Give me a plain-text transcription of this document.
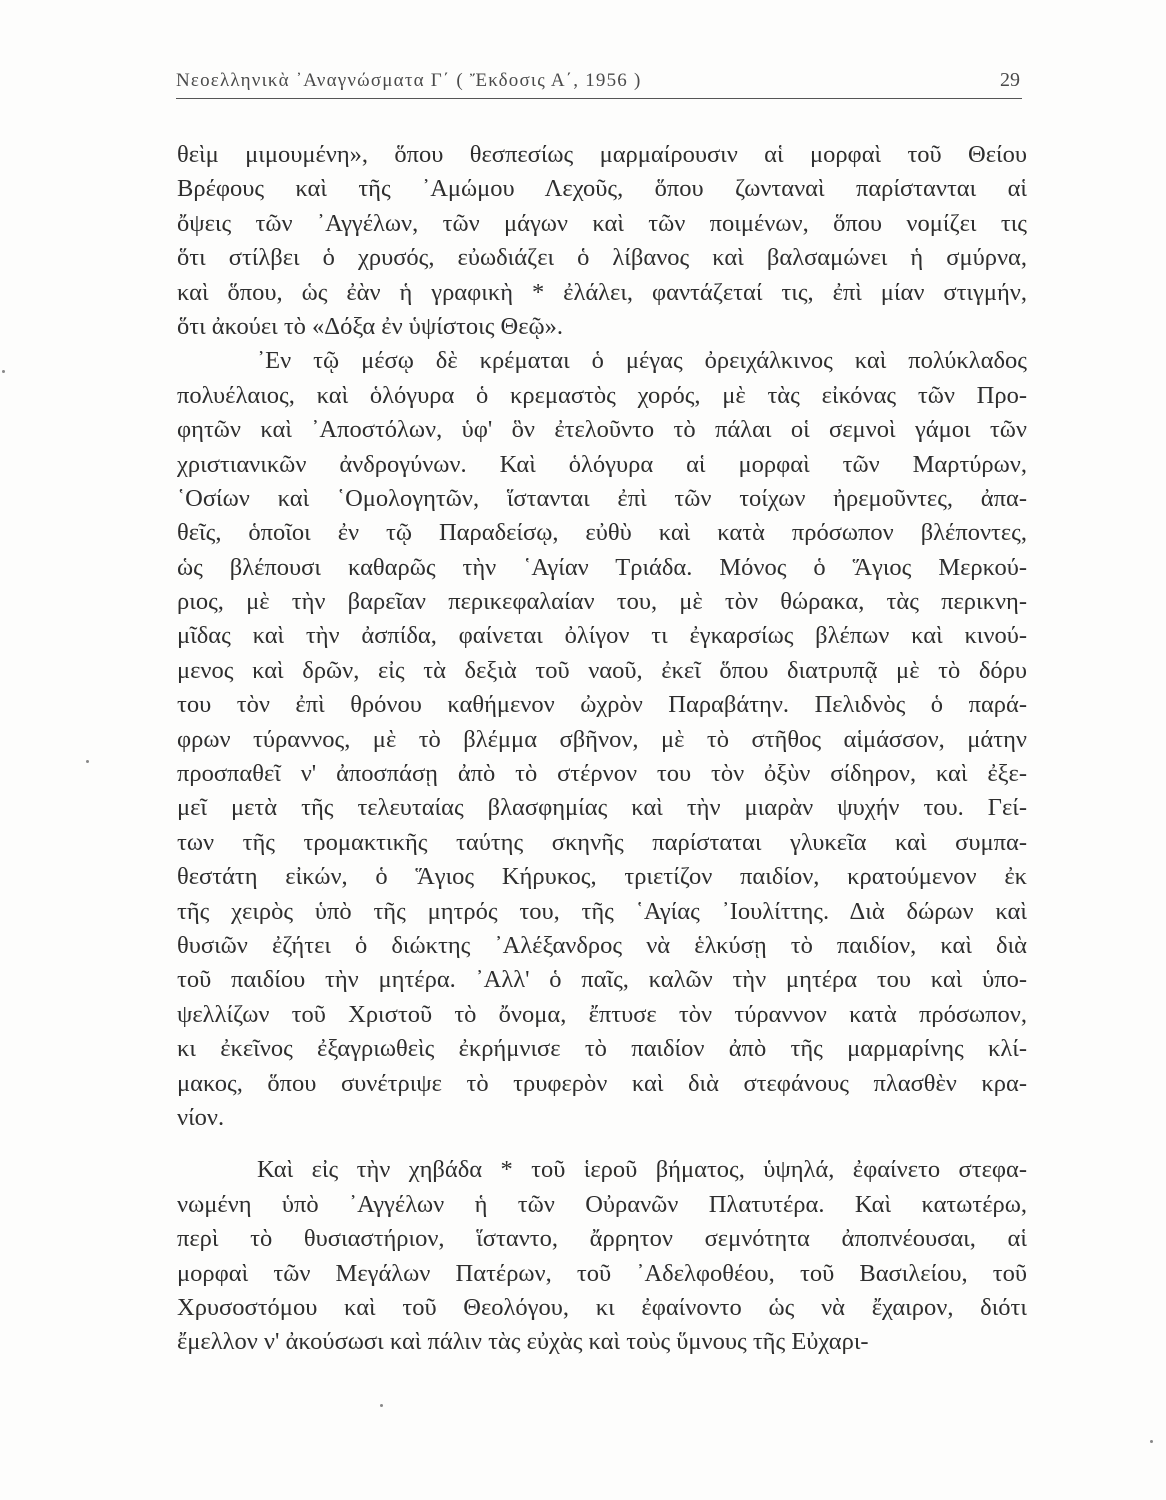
Νεοελληνικὰ ᾿Αναγνώσματα Γ΄ ( Ἔκδοσις Α΄, 1956 )	29
θεὶμ μιμουμένη», ὅπου θεσπεσίως μαρμαίρουσιν αἱ μορφαὶ τοῦ Θείου
Βρέφους καὶ τῆς ᾿Αμώμου Λεχοῦς, ὅπου ζωνταναὶ παρίστανται αἱ
ὄψεις τῶν ᾿Αγγέλων, τῶν μάγων καὶ τῶν ποιμένων, ὅπου νομίζει τις
ὅτι στίλβει ὁ χρυσός, εὐωδιάζει ὁ λίβανος καὶ βαλσαμώνει ἡ σμύρνα,
καὶ ὅπου, ὡς ἐὰν ἡ γραφικὴ * ἐλάλει, φαντάζεταί τις, ἐπὶ μίαν στιγμήν,
ὅτι ἀκούει τὸ «Δόξα ἐν ὑψίστοις Θεῷ».
᾿Εν τῷ μέσῳ δὲ κρέμαται ὁ μέγας ὀρειχάλκινος καὶ πολύκλαδος
πολυέλαιος, καὶ ὁλόγυρα ὁ κρεμαστὸς χορός, μὲ τὰς εἰκόνας τῶν Προ-
φητῶν καὶ ᾿Αποστόλων, ὑφ' ὃν ἐτελοῦντο τὸ πάλαι οἱ σεμνοὶ γάμοι τῶν
χριστιανικῶν ἀνδρογύνων. Καὶ ὁλόγυρα αἱ μορφαὶ τῶν Μαρτύρων,
῾Οσίων καὶ ῾Ομολογητῶν, ἵστανται ἐπὶ τῶν τοίχων ἠρεμοῦντες, ἀπα-
θεῖς, ὁποῖοι ἐν τῷ Παραδείσῳ, εὐθὺ καὶ κατὰ πρόσωπον βλέποντες,
ὡς βλέπουσι καθαρῶς τὴν ῾Αγίαν Τριάδα. Μόνος ὁ Ἅγιος Μερκού-
ριος, μὲ τὴν βαρεῖαν περικεφαλαίαν του, μὲ τὸν θώρακα, τὰς περικνη-
μῖδας καὶ τὴν ἀσπίδα, φαίνεται ὀλίγον τι ἐγκαρσίως βλέπων καὶ κινού-
μενος καὶ δρῶν, εἰς τὰ δεξιὰ τοῦ ναοῦ, ἐκεῖ ὅπου διατρυπᾷ μὲ τὸ δόρυ
του τὸν ἐπὶ θρόνου καθήμενον ὠχρὸν Παραβάτην. Πελιδνὸς ὁ παρά-
φρων τύραννος, μὲ τὸ βλέμμα σβῆνον, μὲ τὸ στῆθος αἱμάσσον, μάτην
προσπαθεῖ ν' ἀποσπάσῃ ἀπὸ τὸ στέρνον του τὸν ὀξὺν σίδηρον, καὶ ἐξε-
μεῖ μετὰ τῆς τελευταίας βλασφημίας καὶ τὴν μιαρὰν ψυχήν του. Γεί-
των τῆς τρομακτικῆς ταύτης σκηνῆς παρίσταται γλυκεῖα καὶ συμπα-
θεστάτη εἰκών, ὁ Ἅγιος Κήρυκος, τριετίζον παιδίον, κρατούμενον ἐκ
τῆς χειρὸς ὑπὸ τῆς μητρός του, τῆς ῾Αγίας ᾿Ιουλίττης. Διὰ δώρων καὶ
θυσιῶν ἐζήτει ὁ διώκτης ᾿Αλέξανδρος νὰ ἑλκύσῃ τὸ παιδίον, καὶ διὰ
τοῦ παιδίου τὴν μητέρα. ᾿Αλλ' ὁ παῖς, καλῶν τὴν μητέρα του καὶ ὑπο-
ψελλίζων τοῦ Χριστοῦ τὸ ὄνομα, ἔπτυσε τὸν τύραννον κατὰ πρόσωπον,
κι ἐκεῖνος ἐξαγριωθεὶς ἐκρήμνισε τὸ παιδίον ἀπὸ τῆς μαρμαρίνης κλί-
μακος, ὅπου συνέτριψε τὸ τρυφερὸν καὶ διὰ στεφάνους πλασθὲν κρα-
νίον.
Καὶ εἰς τὴν χηβάδα * τοῦ ἱεροῦ βήματος, ὑψηλά, ἐφαίνετο στεφα-
νωμένη ὑπὸ ᾿Αγγέλων ἡ τῶν Οὐρανῶν Πλατυτέρα. Καὶ κατωτέρω,
περὶ τὸ θυσιαστήριον, ἵσταντο, ἄρρητον σεμνότητα ἀποπνέουσαι, αἱ
μορφαὶ τῶν Μεγάλων Πατέρων, τοῦ ᾿Αδελφοθέου, τοῦ Βασιλείου, τοῦ
Χρυσοστόμου καὶ τοῦ Θεολόγου, κι ἐφαίνοντο ὡς νὰ ἔχαιρον, διότι
ἔμελλον ν' ἀκούσωσι καὶ πάλιν τὰς εὐχὰς καὶ τοὺς ὕμνους τῆς Εὐχαρι-
